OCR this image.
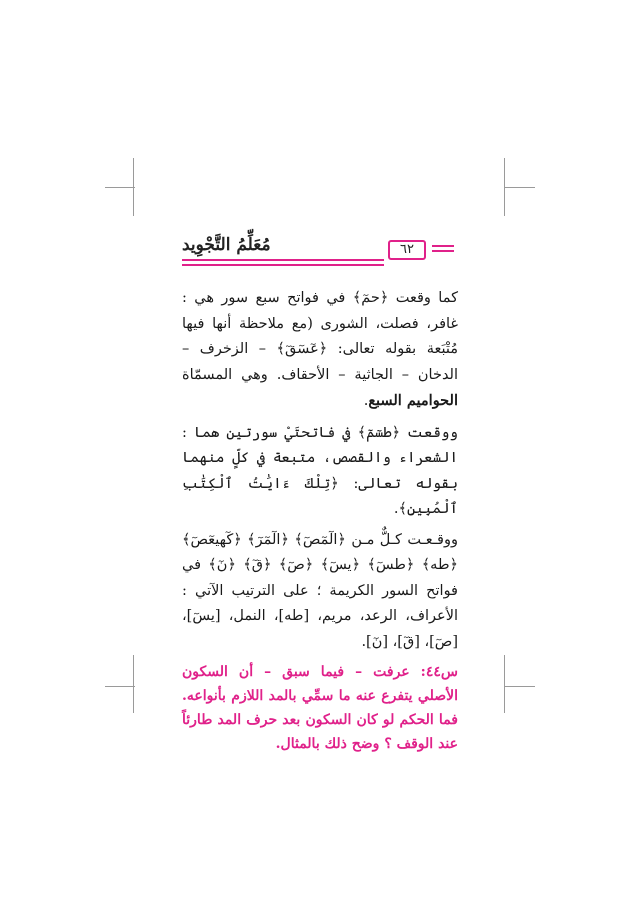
مُعَلِّمُ التَّجْوِيد	٦٢

كما وقعت ﴿حمٓ﴾ في فواتح سبع سور هي : غافر، فصلت، الشورى (مع ملاحظة أنها فيها مُتْبَعة بقوله تعالى: ﴿عٓسٓقٓ﴾ – الزخرف – الدخان – الجاثية – الأحقاف. وهي المسمّاة الحواميم السبع.

ووقعت ﴿طسٓمٓ﴾ في فاتحتَيْ سورتين هما : الشعراء والقصص، متبعة في كلٍّ منهما بقوله تعالى: ﴿تِلْكَ ءَايَٰتُ ٱلْكِتَٰبِ ٱلْمُبِينِ﴾.

ووقـعـت كـلٌّ مـن ﴿الٓمٓصٓ﴾ ﴿الٓمٓرٓ﴾ ﴿كٓهيعٓصٓ﴾ ﴿طه﴾ ﴿طسٓ﴾ ﴿يسٓ﴾ ﴿صٓ﴾ ﴿قٓ﴾ ﴿نٓ﴾ في فواتح السور الكريمة ؛ على الترتيب الآتي : الأعراف، الرعد، مريم، [طه]، النمل، [يسٓ]، [صٓ]، [قٓ]، [نٓ].

س٤٤: عرفت – فيما سبق – أن السكون الأصلي يتفرع عنه ما سمِّي بالمد اللازم بأنواعه. فما الحكم لو كان السكون بعد حرف المد طارئاً عند الوقف ؟ وضح ذلك بالمثال.
